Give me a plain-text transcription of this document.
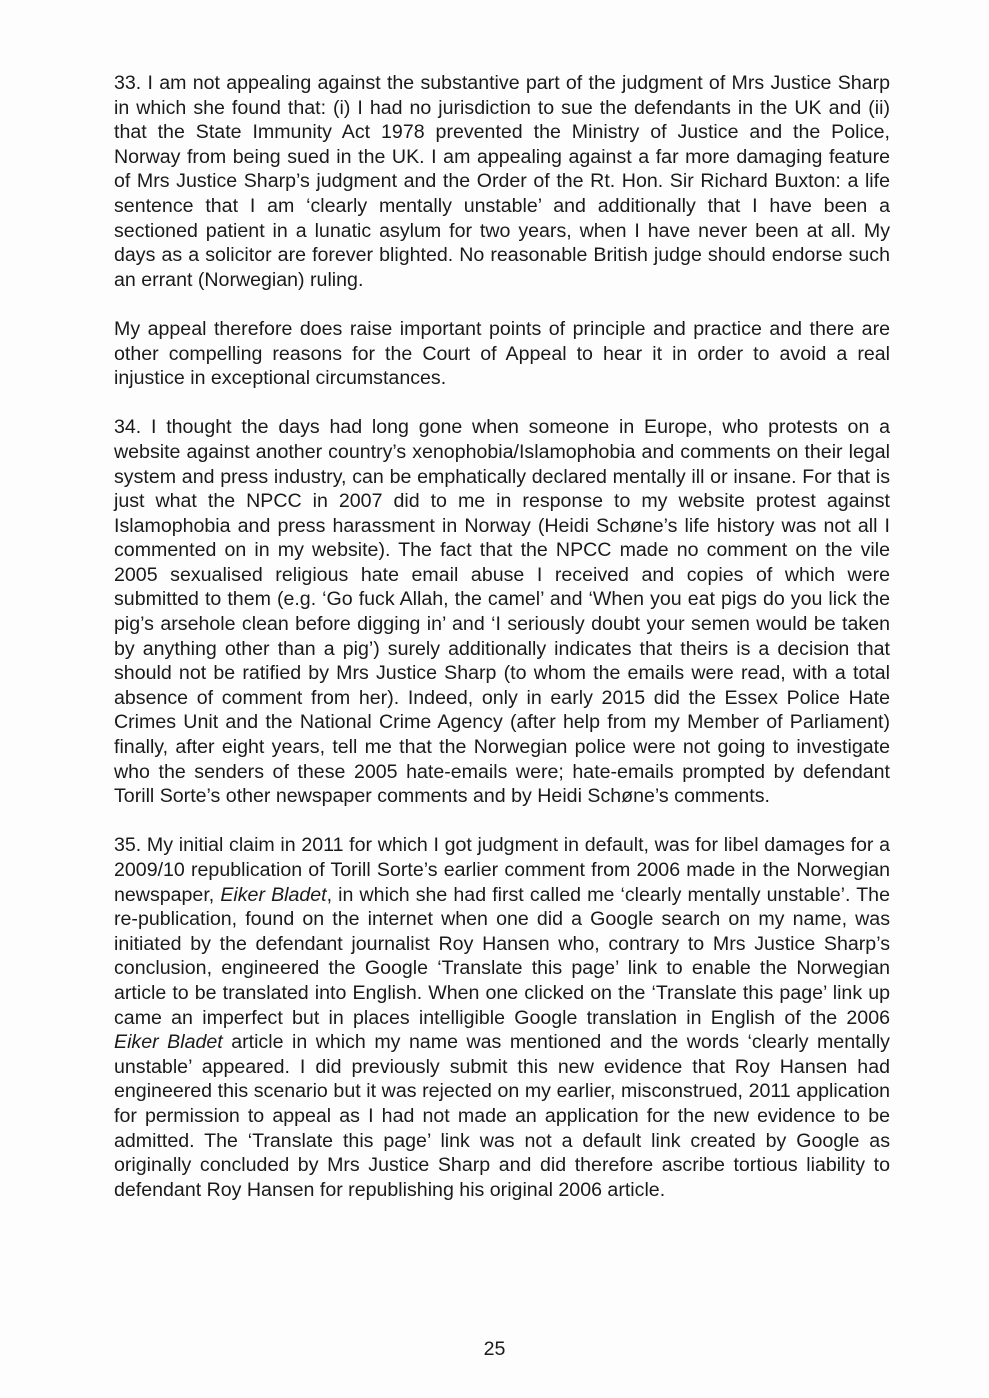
33. I am not appealing against the substantive part of the judgment of Mrs Justice Sharp in which she found that: (i) I had no jurisdiction to sue the defendants in the UK and (ii) that the State Immunity Act 1978 prevented the Ministry of Justice and the Police, Norway from being sued in the UK. I am appealing against a far more damaging feature of Mrs Justice Sharp’s judgment and the Order of the Rt. Hon. Sir Richard Buxton: a life sentence that I am ‘clearly mentally unstable’ and additionally that I have been a sectioned patient in a lunatic asylum for two years, when I have never been at all. My days as a solicitor are forever blighted. No reasonable British judge should endorse such an errant (Norwegian) ruling.

My appeal therefore does raise important points of principle and practice and there are other compelling reasons for the Court of Appeal to hear it in order to avoid a real injustice in exceptional circumstances.

34. I thought the days had long gone when someone in Europe, who protests on a website against another country’s xenophobia/Islamophobia and comments on their legal system and press industry, can be emphatically declared mentally ill or insane. For that is just what the NPCC in 2007 did to me in response to my website protest against Islamophobia and press harassment in Norway (Heidi Schøne’s life history was not all I commented on in my website). The fact that the NPCC made no comment on the vile 2005 sexualised religious hate email abuse I received and copies of which were submitted to them (e.g. ‘Go fuck Allah, the camel’ and ‘When you eat pigs do you lick the pig’s arsehole clean before digging in’ and ‘I seriously doubt your semen would be taken by anything other than a pig’) surely additionally indicates that theirs is a decision that should not be ratified by Mrs Justice Sharp (to whom the emails were read, with a total absence of comment from her). Indeed, only in early 2015 did the Essex Police Hate Crimes Unit and the National Crime Agency (after help from my Member of Parliament) finally, after eight years, tell me that the Norwegian police were not going to investigate who the senders of these 2005 hate-emails were; hate-emails prompted by defendant Torill Sorte’s other newspaper comments and by Heidi Schøne’s comments.

35. My initial claim in 2011 for which I got judgment in default, was for libel damages for a 2009/10 republication of Torill Sorte’s earlier comment from 2006 made in the Norwegian newspaper, Eiker Bladet, in which she had first called me ‘clearly mentally unstable’. The re-publication, found on the internet when one did a Google search on my name, was initiated by the defendant journalist Roy Hansen who, contrary to Mrs Justice Sharp’s conclusion, engineered the Google ‘Translate this page’ link to enable the Norwegian article to be translated into English. When one clicked on the ‘Translate this page’ link up came an imperfect but in places intelligible Google translation in English of the 2006 Eiker Bladet article in which my name was mentioned and the words ‘clearly mentally unstable’ appeared. I did previously submit this new evidence that Roy Hansen had engineered this scenario but it was rejected on my earlier, misconstrued, 2011 application for permission to appeal as I had not made an application for the new evidence to be admitted. The ‘Translate this page’ link was not a default link created by Google as originally concluded by Mrs Justice Sharp and did therefore ascribe tortious liability to defendant Roy Hansen for republishing his original 2006 article.

25
